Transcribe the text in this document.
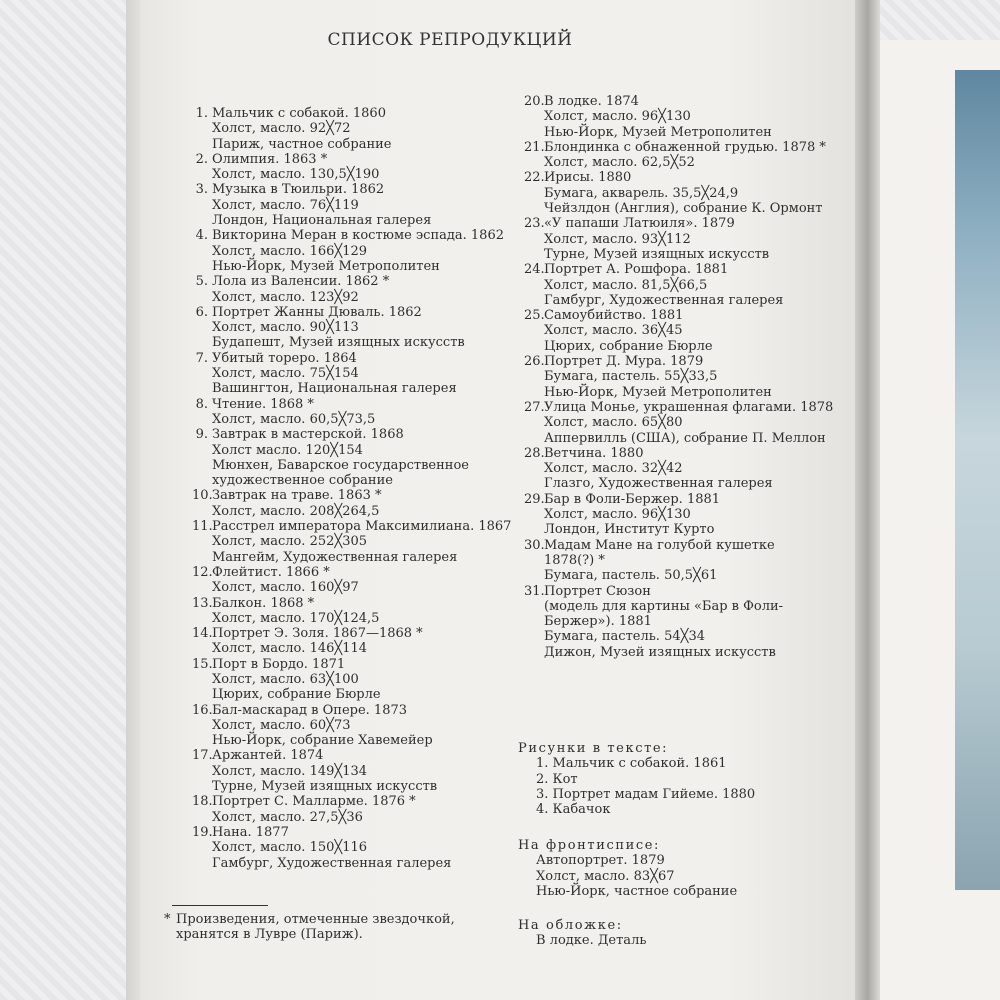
СПИСОК РЕПРОДУКЦИЙ
1. Мальчик с собакой. 1860
Холст, масло. 92╳72
Париж, частное собрание
2. Олимпия. 1863 *
Холст, масло. 130,5╳190
3. Музыка в Тюильри. 1862
Холст, масло. 76╳119
Лондон, Национальная галерея
4. Викторина Меран в костюме эспада. 1862
Холст, масло. 166╳129
Нью-Йорк, Музей Метрополитен
5. Лола из Валенсии. 1862 *
Холст, масло. 123╳92
6. Портрет Жанны Дюваль. 1862
Холст, масло. 90╳113
Будапешт, Музей изящных искусств
7. Убитый тореро. 1864
Холст, масло. 75╳154
Вашингтон, Национальная галерея
8. Чтение. 1868 *
Холст, масло. 60,5╳73,5
9. Завтрак в мастерской. 1868
Холст масло. 120╳154
Мюнхен, Баварское государственное
художественное собрание
10. Завтрак на траве. 1863 *
Холст, масло. 208╳264,5
11. Расстрел императора Максимилиана. 1867
Холст, масло. 252╳305
Мангейм, Художественная галерея
12. Флейтист. 1866 *
Холст, масло. 160╳97
13. Балкон. 1868 *
Холст, масло. 170╳124,5
14. Портрет Э. Золя. 1867—1868 *
Холст, масло. 146╳114
15. Порт в Бордо. 1871
Холст, масло. 63╳100
Цюрих, собрание Бюрле
16. Бал-маскарад в Опере. 1873
Холст, масло. 60╳73
Нью-Йорк, собрание Хавемейер
17. Аржантей. 1874
Холст, масло. 149╳134
Турне, Музей изящных искусств
18. Портрет С. Малларме. 1876 *
Холст, масло. 27,5╳36
19. Нана. 1877
Холст, масло. 150╳116
Гамбург, Художественная галерея
20. В лодке. 1874
Холст, масло. 96╳130
Нью-Йорк, Музей Метрополитен
21. Блондинка с обнаженной грудью. 1878 *
Холст, масло. 62,5╳52
22. Ирисы. 1880
Бумага, акварель. 35,5╳24,9
Чейзлдон (Англия), собрание К. Ормонт
23. «У папаши Латюиля». 1879
Холст, масло. 93╳112
Турне, Музей изящных искусств
24. Портрет А. Рошфора. 1881
Холст, масло. 81,5╳66,5
Гамбург, Художественная галерея
25. Самоубийство. 1881
Холст, масло. 36╳45
Цюрих, собрание Бюрле
26. Портрет Д. Мура. 1879
Бумага, пастель. 55╳33,5
Нью-Йорк, Музей Метрополитен
27. Улица Монье, украшенная флагами. 1878
Холст, масло. 65╳80
Аппервилль (США), собрание П. Меллон
28. Ветчина. 1880
Холст, масло. 32╳42
Глазго, Художественная галерея
29. Бар в Фоли-Бержер. 1881
Холст, масло. 96╳130
Лондон, Институт Курто
30. Мадам Мане на голубой кушетке
1878(?) *
Бумага, пастель. 50,5╳61
31. Портрет Сюзон
(модель для картины «Бар в Фоли-
Бержер»). 1881
Бумага, пастель. 54╳34
Дижон, Музей изящных искусств
Рисунки в тексте:
1. Мальчик с собакой. 1861
2. Кот
3. Портрет мадам Гийеме. 1880
4. Кабачок
На фронтисписе:
Автопортрет. 1879
Холст, масло. 83╳67
Нью-Йорк, частное собрание
На обложке:
В лодке. Деталь
* Произведения, отмеченные звездочкой,
хранятся в Лувре (Париж).
